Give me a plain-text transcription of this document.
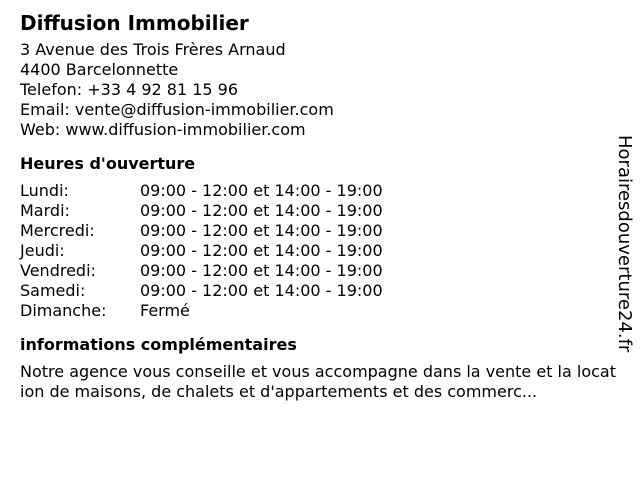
Diffusion Immobilier
3 Avenue des Trois Frères Arnaud
4400 Barcelonnette
Telefon: +33 4 92 81 15 96
Email: vente@diffusion-immobilier.com
Web: www.diffusion-immobilier.com
Heures d'ouverture
Lundi:	09:00 - 12:00 et 14:00 - 19:00
Mardi:	09:00 - 12:00 et 14:00 - 19:00
Mercredi:	09:00 - 12:00 et 14:00 - 19:00
Jeudi:	09:00 - 12:00 et 14:00 - 19:00
Vendredi:	09:00 - 12:00 et 14:00 - 19:00
Samedi:	09:00 - 12:00 et 14:00 - 19:00
Dimanche:	Fermé
informations complémentaires
Notre agence vous conseille et vous accompagne dans la vente et la location de maisons, de chalets et d'appartements et des commerc...
Horairesdouverture24.fr
